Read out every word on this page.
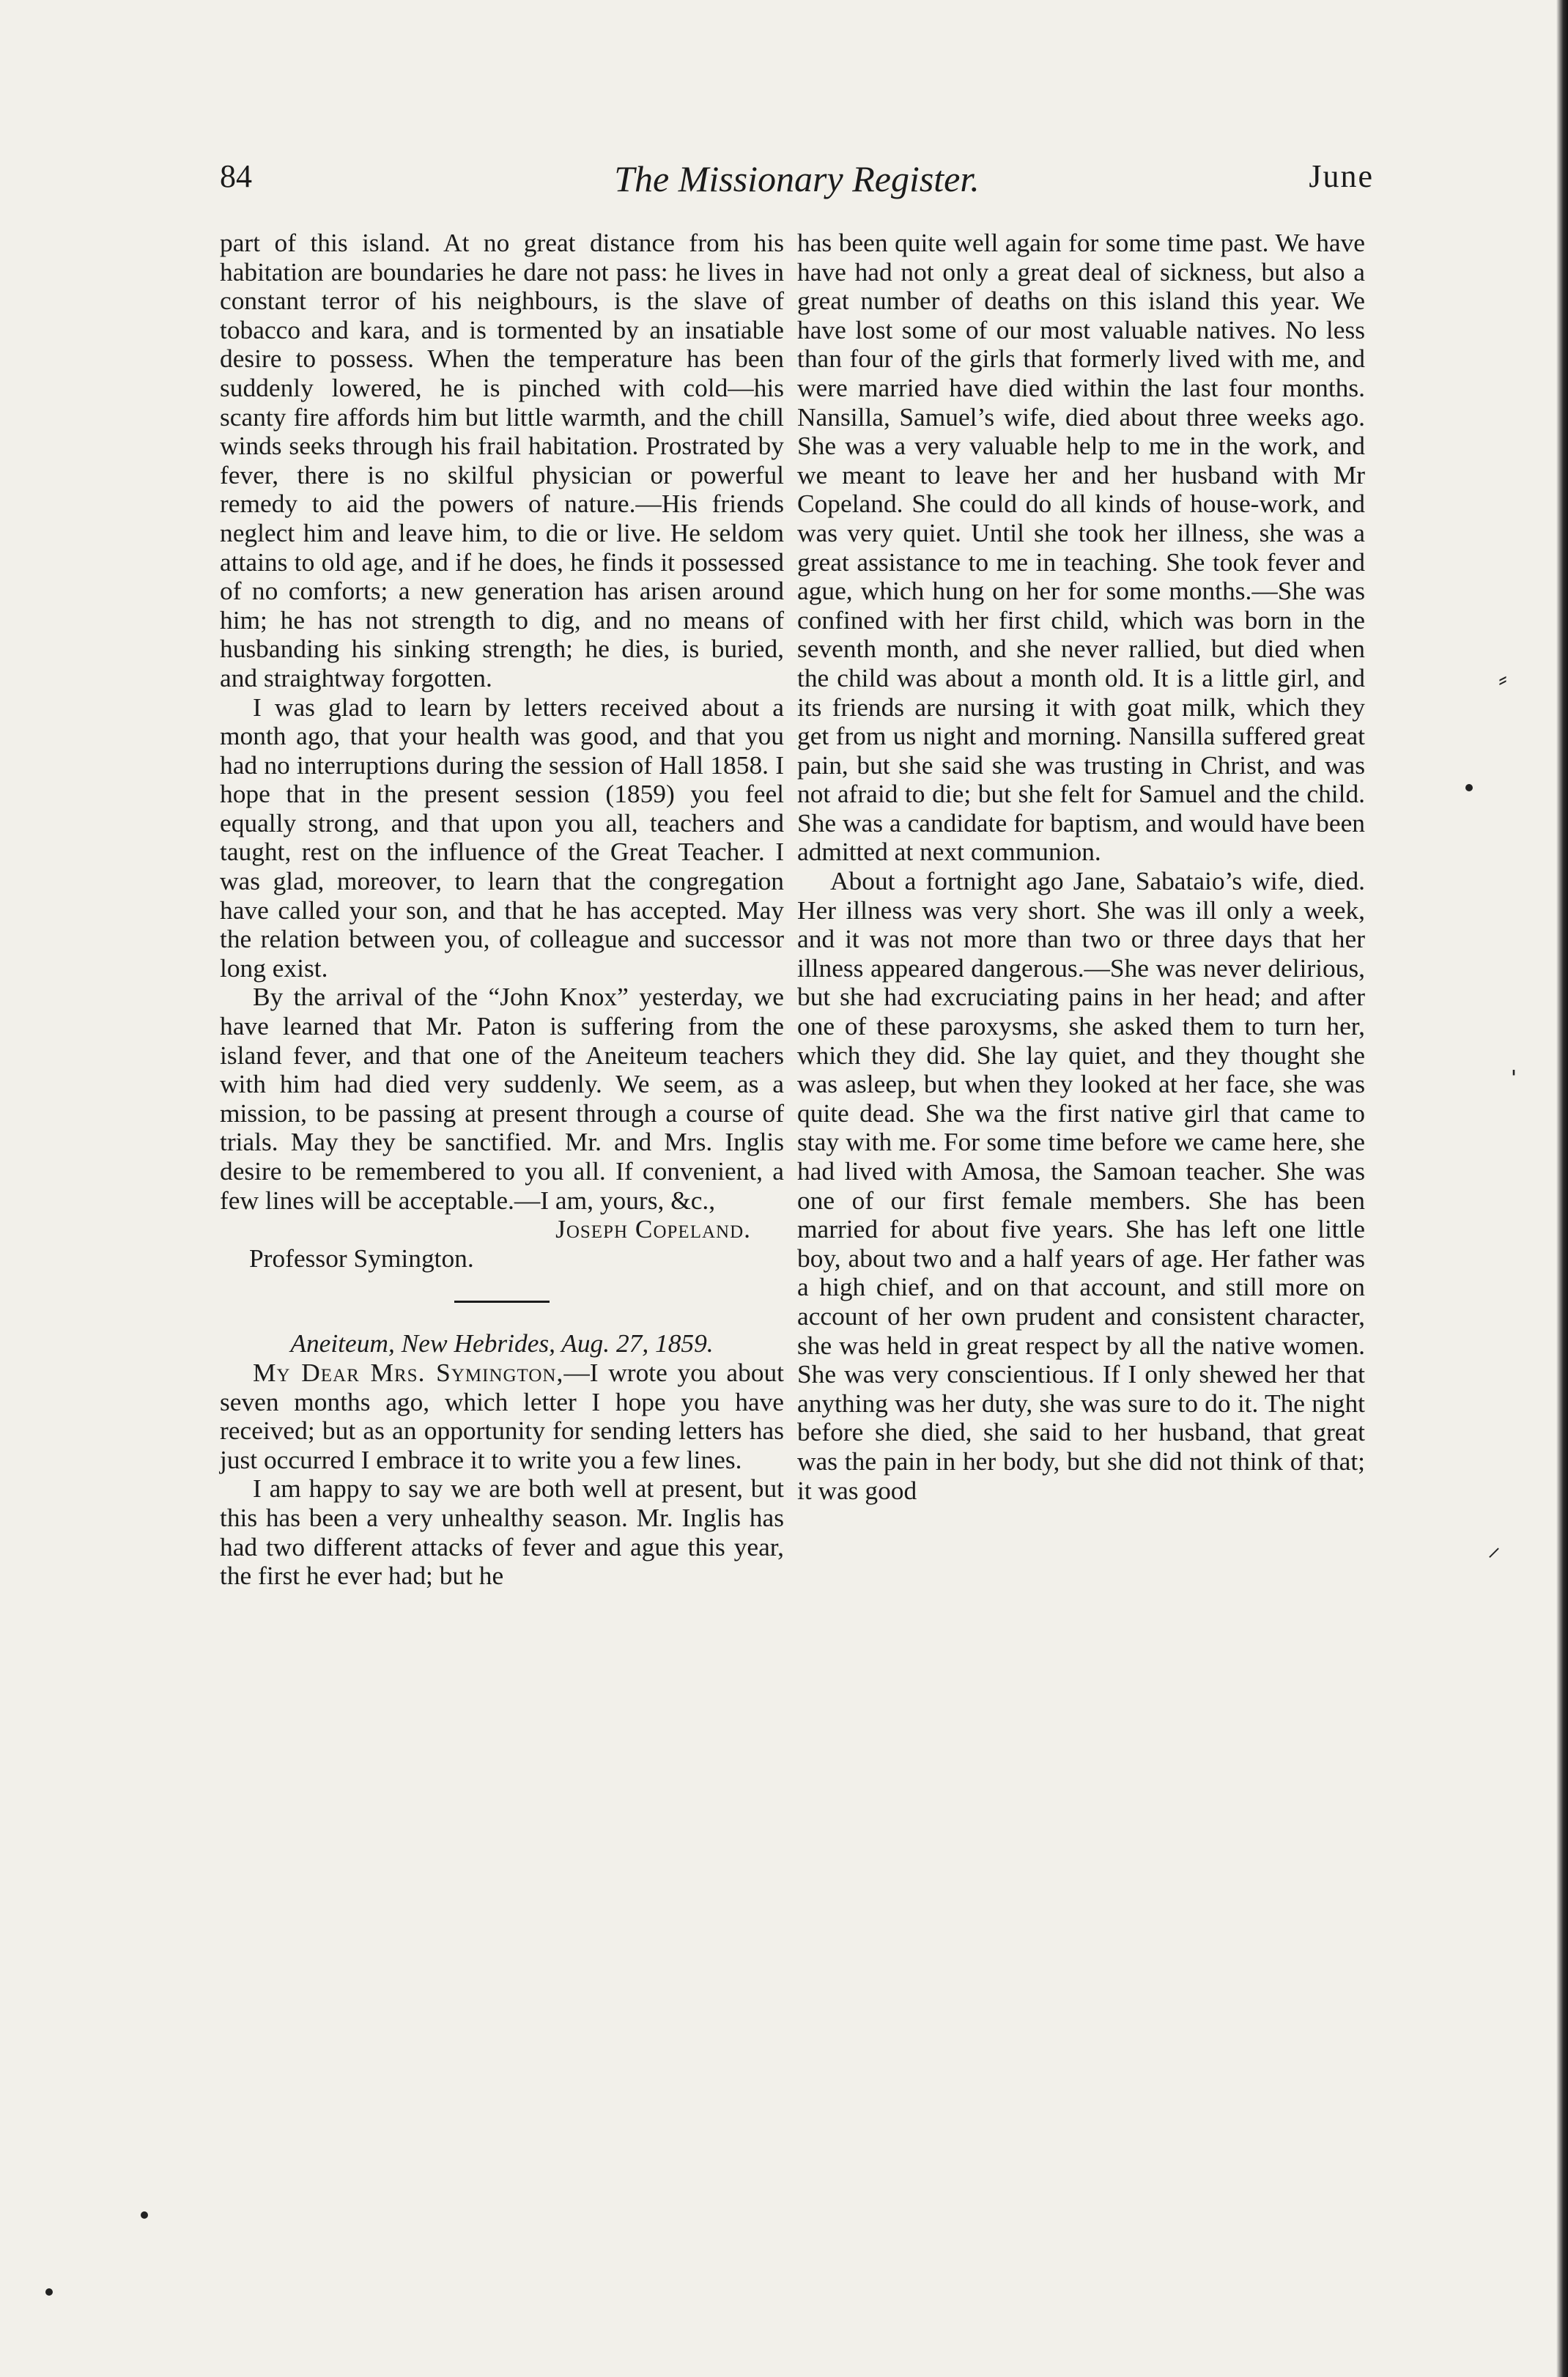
84	The Missionary Register.	June

part of this island. At no great distance from his habitation are boundaries he dare not pass: he lives in constant terror of his neighbours, is the slave of tobacco and kara, and is tormented by an insatiable desire to possess. When the temperature has been suddenly lowered, he is pinched with cold—his scanty fire affords him but little warmth, and the chill winds seeks through his frail habitation. Prostrated by fever, there is no skilful physician or powerful remedy to aid the powers of nature.—His friends neglect him and leave him, to die or live. He seldom attains to old age, and if he does, he finds it possessed of no comforts; a new generation has arisen around him; he has not strength to dig, and no means of husbanding his sinking strength; he dies, is buried, and straightway forgotten.

I was glad to learn by letters received about a month ago, that your health was good, and that you had no interruptions during the session of Hall 1858. I hope that in the present session (1859) you feel equally strong, and that upon you all, teachers and taught, rest on the influence of the Great Teacher. I was glad, moreover, to learn that the congregation have called your son, and that he has accepted. May the relation between you, of colleague and successor long exist.

By the arrival of the “John Knox” yesterday, we have learned that Mr. Paton is suffering from the island fever, and that one of the Aneiteum teachers with him had died very suddenly. We seem, as a mission, to be passing at present through a course of trials. May they be sanctified. Mr. and Mrs. Inglis desire to be remembered to you all. If convenient, a few lines will be acceptable.—I am, yours, &c.,

Joseph Copeland.

Professor Symington.

Aneiteum, New Hebrides, Aug. 27, 1859.

My Dear Mrs. Symington,—I wrote you about seven months ago, which letter I hope you have received; but as an opportunity for sending letters has just occurred I embrace it to write you a few lines.

I am happy to say we are both well at present, but this has been a very unhealthy season. Mr. Inglis has had two different attacks of fever and ague this year, the first he ever had; but he

has been quite well again for some time past. We have have had not only a great deal of sickness, but also a great number of deaths on this island this year. We have lost some of our most valuable natives. No less than four of the girls that formerly lived with me, and were married have died within the last four months. Nansilla, Samuel’s wife, died about three weeks ago. She was a very valuable help to me in the work, and we meant to leave her and her husband with Mr Copeland. She could do all kinds of house-work, and was very quiet. Until she took her illness, she was a great assistance to me in teaching. She took fever and ague, which hung on her for some months.—She was confined with her first child, which was born in the seventh month, and she never rallied, but died when the child was about a month old. It is a little girl, and its friends are nursing it with goat milk, which they get from us night and morning. Nansilla suffered great pain, but she said she was trusting in Christ, and was not afraid to die; but she felt for Samuel and the child. She was a candidate for baptism, and would have been admitted at next communion.

About a fortnight ago Jane, Sabataio’s wife, died. Her illness was very short. She was ill only a week, and it was not more than two or three days that her illness appeared dangerous.—She was never delirious, but she had excruciating pains in her head; and after one of these paroxysms, she asked them to turn her, which they did. She lay quiet, and they thought she was asleep, but when they looked at her face, she was quite dead. She wa the first native girl that came to stay with me. For some time before we came here, she had lived with Amosa, the Samoan teacher. She was one of our first female members. She has been married for about five years. She has left one little boy, about two and a half years of age. Her father was a high chief, and on that account, and still more on account of her own prudent and consistent character, she was held in great respect by all the native women. She was very conscientious. If I only shewed her that anything was her duty, she was sure to do it. The night before she died, she said to her husband, that great was the pain in her body, but she did not think of that; it was good

⸗
ˈ
⸝
